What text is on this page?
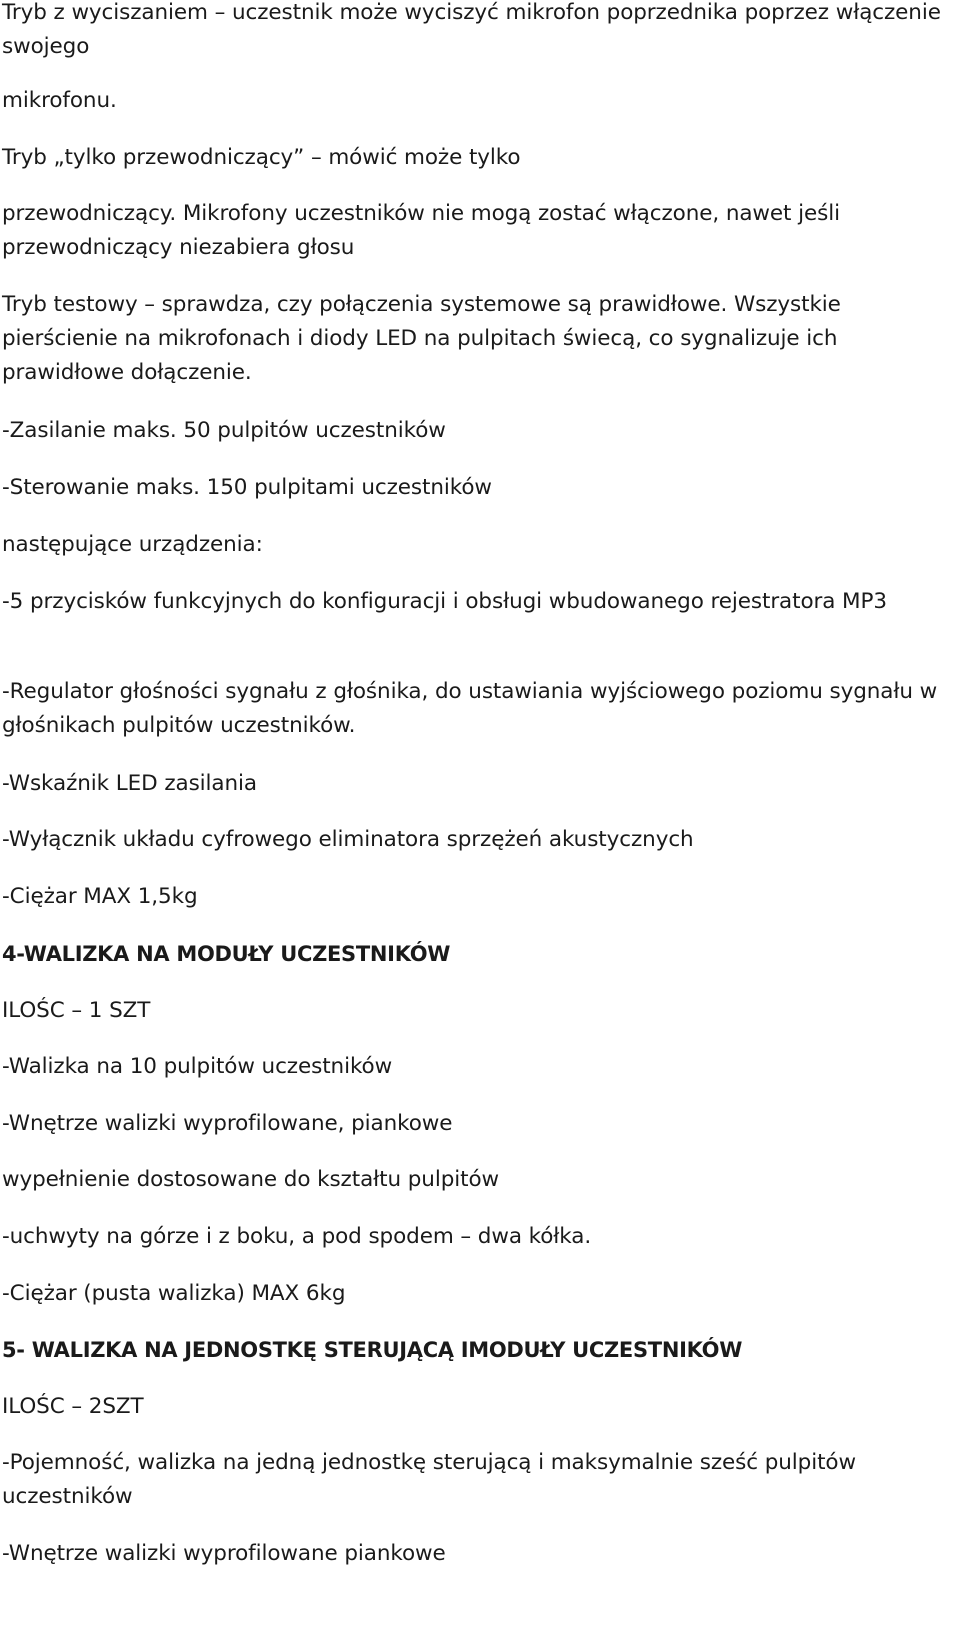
Tryb z wyciszaniem – uczestnik może wyciszyć mikrofon poprzednika poprzez włączenie swojego

mikrofonu.

Tryb „tylko przewodniczący” – mówić może tylko

przewodniczący. Mikrofony uczestników nie mogą zostać włączone, nawet jeśli przewodniczący niezabiera głosu

Tryb testowy – sprawdza, czy połączenia systemowe są prawidłowe. Wszystkie pierścienie na mikrofonach i diody LED na pulpitach świecą, co sygnalizuje ich prawidłowe dołączenie.

-Zasilanie maks. 50 pulpitów uczestników

-Sterowanie maks. 150 pulpitami uczestników

następujące urządzenia:

-5 przycisków funkcyjnych do konfiguracji i obsługi wbudowanego rejestratora MP3

-Regulator głośności sygnału z głośnika, do ustawiania wyjściowego poziomu sygnału w głośnikach pulpitów uczestników.

-Wskaźnik LED zasilania

-Wyłącznik układu cyfrowego eliminatora sprzężeń akustycznych

-Ciężar MAX 1,5kg

4-WALIZKA NA MODUŁY UCZESTNIKÓW

ILOŚC – 1 SZT

-Walizka na 10 pulpitów uczestników

-Wnętrze walizki wyprofilowane, piankowe

wypełnienie dostosowane do kształtu pulpitów

-uchwyty na górze i z boku, a pod spodem – dwa kółka.

-Ciężar (pusta walizka) MAX 6kg

5- WALIZKA NA JEDNOSTKĘ STERUJĄCĄ IMODUŁY UCZESTNIKÓW

ILOŚC – 2SZT

-Pojemność, walizka na jedną jednostkę sterującą i maksymalnie sześć pulpitów uczestników

-Wnętrze walizki wyprofilowane piankowe
